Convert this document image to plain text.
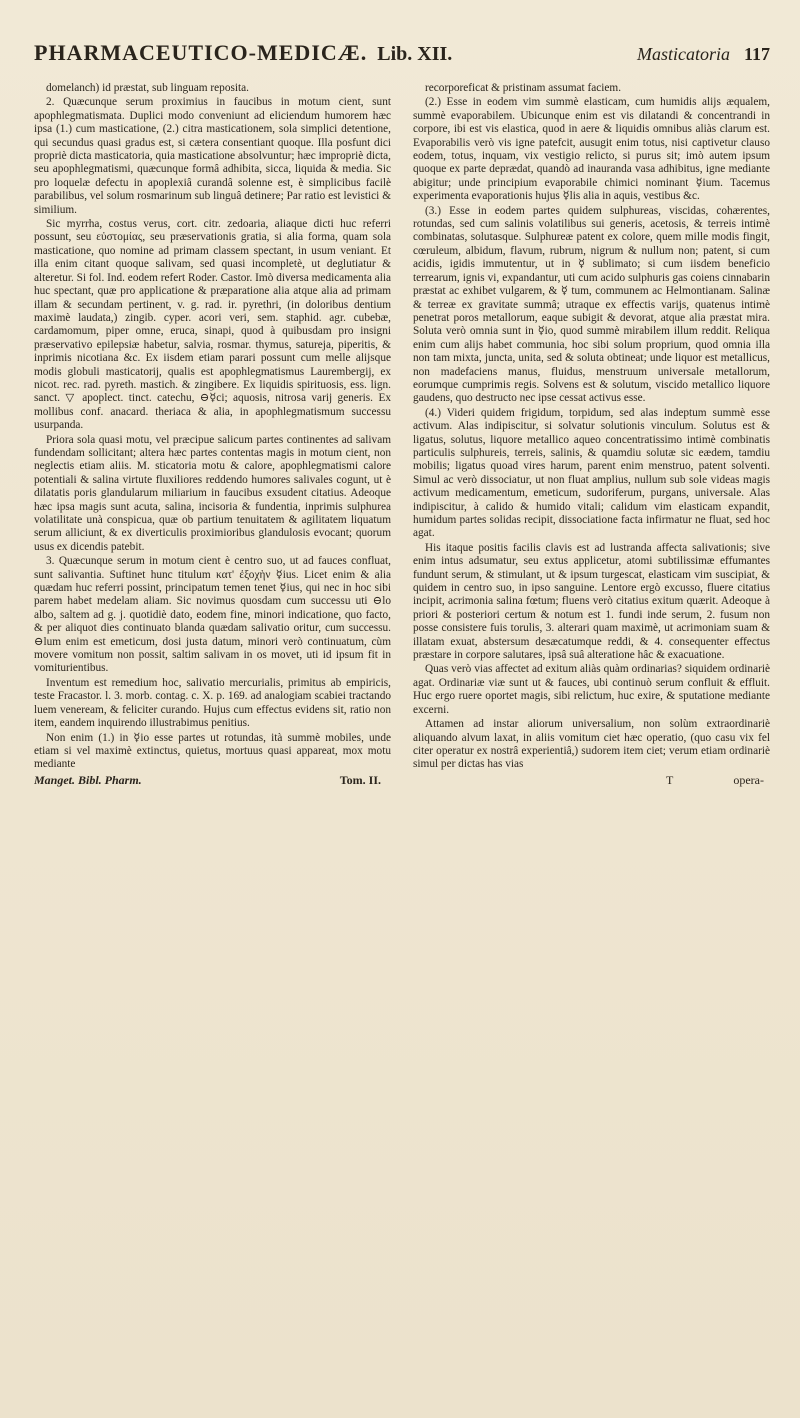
PHARMACEUTICO-MEDICÆ. Lib. XII.	Masticatoria 117

domelanch) id præstat, sub linguam reposita.

2. Quæcunque serum proximius in faucibus in motum cient, sunt apophlegmatismata. Duplici modo conveniunt ad eliciendum humorem hæc ipsa (1.) cum masticatione, (2.) citra masticationem, sola simplici detentione, qui secundus quasi gradus est, si cætera consentiant quoque. Illa posfunt dici propriè dicta masticatoria, quia masticatione absolvuntur; hæc impropriè dicta, seu apophlegmatismi, quæcunque formâ adhibita, sicca, liquida & media. Sic pro loquelæ defectu in apoplexiâ curandâ solenne est, è simplicibus facilè parabilibus, vel solum rosmarinum sub linguâ detinere; Par ratio est levistici & similium.

Sic myrrha, costus verus, cort. citr. zedoaria, aliaque dicti huc referri possunt, seu εὐστομίας, seu præservationis gratia, si alia forma, quam sola masticatione, quo nomine ad primam classem spectant, in usum veniant. Et illa enim citant quoque salivam, sed quasi incompletè, ut deglutiatur & alteretur. Si fol. Ind. eodem refert Roder. Castor. Imò diversa medicamenta alia huc spectant, quæ pro applicatione & præparatione alia atque alia ad primam illam & secundam pertinent, v. g. rad. ir. pyrethri, (in doloribus dentium maximè laudata,) zingib. cyper. acori veri, sem. staphid. agr. cubebæ, cardamomum, piper omne, eruca, sinapi, quod à quibusdam pro insigni præservativo epilepsiæ habetur, salvia, rosmar. thymus, satureja, piperitis, & inprimis nicotiana &c. Ex iisdem etiam parari possunt cum melle alijsque modis globuli masticatorij, qualis est apophlegmatismus Laurembergij, ex nicot. rec. rad. pyreth. mastich. & zingibere. Ex liquidis spirituosis, ess. lign. sanct. ▽ apoplect. tinct. catechu, ⊖☿ci; aquosis, nitrosa varij generis. Ex mollibus conf. anacard. theriaca & alia, in apophlegmatismum successu usurpanda.

Priora sola quasi motu, vel præcipue salicum partes continentes ad salivam fundendam sollicitant; altera hæc partes contentas magis in motum cient, non neglectis etiam aliis. M. sticatoria motu & calore, apophlegmatismi calore potentiali & salina virtute fluxiliores reddendo humores salivales cogunt, ut è dilatatis poris glandularum miliarium in faucibus exsudent citatius. Adeoque hæc ipsa magis sunt acuta, salina, incisoria & fundentia, inprimis sulphurea volatilitate unà conspicua, quæ ob partium tenuitatem & agilitatem liquatum serum alliciunt, & ex diverticulis proximioribus glandulosis evocant; quorum usus ex dicendis patebit.

3. Quæcunque serum in motum cient è centro suo, ut ad fauces confluat, sunt salivantia. Suftinet hunc titulum κατ' ἐξοχὴν ☿ius. Licet enim & alia quædam huc referri possint, principatum temen tenet ☿ius, qui nec in hoc sibi parem habet medelam aliam. Sic novimus quosdam cum successu uti ⊖lo albo, saltem ad g. j. quotidiè dato, eodem fine, minori indicatione, quo facto, & per aliquot dies continuato blanda quædam salivatio oritur, cum successu. ⊖lum enim est emeticum, dosi justa datum, minori verò continuatum, cùm movere vomitum non possit, saltim salivam in os movet, uti id ipsum fit in vomiturientibus.

Inventum est remedium hoc, salivatio mercurialis, primitus ab empiricis, teste Fracastor. l. 3. morb. contag. c. X. p. 169. ad analogiam scabiei tractando luem veneream, & feliciter curando. Hujus cum effectus evidens sit, ratio non item, eandem inquirendo illustrabimus penitius.

Non enim (1.) in ☿io esse partes ut rotundas, ità summè mobiles, unde etiam si vel maximè extinctus, quietus, mortuus quasi appareat, mox motu mediante

Manget. Bibl. Pharm.	Tom. II.

recorporeficat & pristinam assumat faciem.

(2.) Esse in eodem vim summè elasticam, cum humidis alijs æqualem, summè evaporabilem. Ubicunque enim est vis dilatandi & concentrandi in corpore, ibi est vis elastica, quod in aere & liquidis omnibus aliàs clarum est. Evaporabilis verò vis igne patefcit, ausugit enim totus, nisi captivetur clauso eodem, totus, inquam, vix vestigio relicto, si purus sit; imò autem ipsum quoque ex parte deprædat, quandò ad inaurandа vasa adhibitus, igne mediante abigitur; unde principium evaporabile chimici nominant ☿ium. Tacemus experimenta evaporationis hujus ☿lis alia in aquis, vestibus &c.

(3.) Esse in eodem partes quidem sulphureas, viscidas, cohærentes, rotundas, sed cum salinis volatilibus sui generis, acetosis, & terreis intimè combinatas, solutasque. Sulphureæ patent ex colore, quem mille modis fingit, cœruleum, albidum, flavum, rubrum, nigrum & nullum non; patent, si cum acidis, igidis immutentur, ut in ☿ sublimato; si cum iisdem beneficio terrearum, ignis vi, expandantur, uti cum acido sulphuris gas coiens cinnabarin præstat ac exhibet vulgarem, & ☿ tum, communem ac Helmontianam. Salinæ & terreæ ex gravitate summâ; utraque ex effectis varijs, quatenus intimè penetrat poros metallorum, eaque subigit & devorat, atque alia præstat mira. Solutа verò omnia sunt in ☿io, quod summè mirabilem illum reddit. Reliqua enim cum alijs habet communia, hoc sibi solum proprium, quod omnia illa non tam mixta, juncta, unita, sed & soluta obtineat; unde liquor est metallicus, non madefaciens manus, fluidus, menstruum universale metallorum, eorumque cumprimis regis. Solvens est & solutum, viscido metallico liquore gaudens, quo destructo nec ipse cessat activus esse.

(4.) Videri quidem frigidum, torpidum, sed alas indeptum summè esse activum. Alas indipiscitur, si solvatur solutionis vinculum. Solutus est & ligatus, solutus, liquore metallico aqueo concentratissimo intimè combinatis particulis sulphureis, terreis, salinis, & quamdiu solutæ sic eædem, tamdiu mobilis; ligatus quoad vires harum, parent enim menstruo, patent solventi. Simul ac verò dissociatur, ut non fluat amplius, nullum sub sole videas magis activum medicamentum, emeticum, sudoriferum, purgans, universale. Alas indipiscitur, à calido & humido vitali; calidum vim elasticam expandit, humidum partes solidas recipit, dissociatione facta infirmatur ne fluat, sed hoc agat.

His itaque positis facilis clavis est ad lustranda affecta salivationis; sive enim intus adsumatur, seu extus applicetur, atomi subtilissimæ effumantes fundunt serum, & stimulant, ut & ipsum turgescat, elasticam vim suscipiat, & quidem in centro suo, in ipso sanguine. Lentore ergò excusso, fluere citatius incipit, acrimonia salina fœtum; fluens verò citatius exitum quærit. Adeoque à priori & posteriori certum & notum est 1. fundi inde serum, 2. fusum non posse consistere fuis torulis, 3. alterari quam maximè, ut acrimoniam suam & illatam exuat, abstersum desæcatumque reddi, & 4. consequenter effectus præstare in corpore salutares, ipsâ suâ alteratione hâc & exacuatione.

Quas verò vias affectet ad exitum aliàs quàm ordinarias? siquidem ordinariè agat. Ordinariæ viæ sunt ut & fauces, ubi continuò serum confluit & effluit. Huc ergo ruere oportet magis, sibi relictum, huc exire, & sputatione mediante excerni.

Attamen ad instar aliorum universalium, non solùm extraordinariè aliquando alvum laxat, in aliis vomitum ciet hæc operatio, (quo casu vix fel citer operatur ex nostrâ experientiâ,) sudorem item ciet; verum etiam ordinariè simul per dictas has vias

T	opera-
